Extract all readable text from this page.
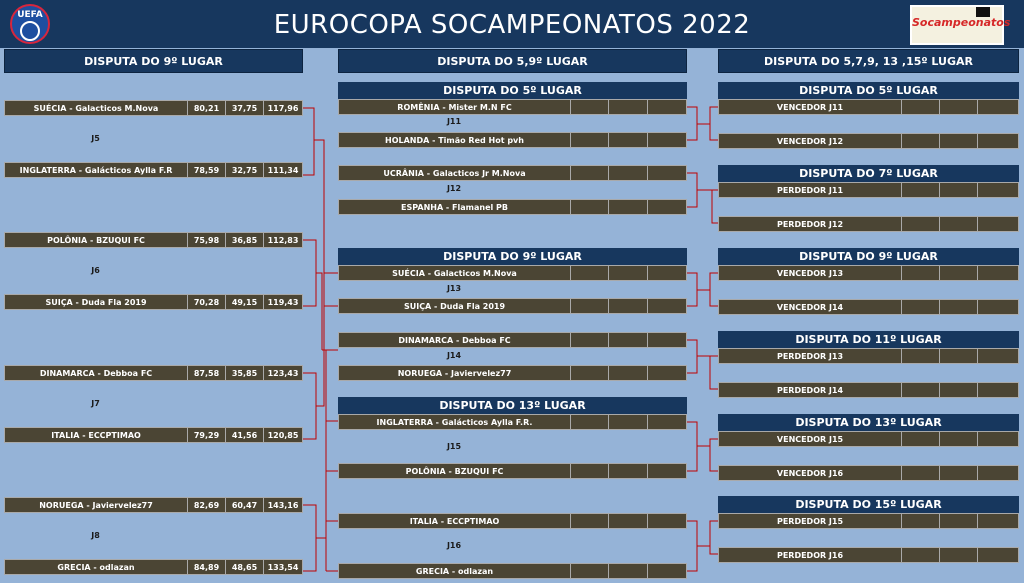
EUROCOPA SOCAMPEONATOS 2022
UEFA
Socampeonatos
DISPUTA DO 9º LUGAR	DISPUTA DO 5,9º LUGAR	DISPUTA DO 5,7,9, 13 ,15º LUGAR
SUÉCIA - Galacticos M.Nova	80,21	37,75	117,96
J5
INGLATERRA - Galácticos Aylla F.R	78,59	32,75	111,34
POLÔNIA - BZUQUI FC	75,98	36,85	112,83
J6
SUIÇA - Duda Fla 2019	70,28	49,15	119,43
DINAMARCA - Debboa FC	87,58	35,85	123,43
J7
ITALIA - ECCPTIMAO	79,29	41,56	120,85
NORUEGA - Javiervelez77	82,69	60,47	143,16
J8
GRECIA - odlazan	84,89	48,65	133,54
DISPUTA DO 5º LUGAR
ROMÊNIA - Mister M.N FC
J11
HOLANDA - Timão Red Hot pvh
UCRÂNIA - Galacticos Jr M.Nova
J12
ESPANHA - Flamanel PB
DISPUTA DO 9º LUGAR
SUÉCIA - Galacticos M.Nova
J13
SUIÇA - Duda Fla 2019
DINAMARCA - Debboa FC
J14
NORUEGA - Javiervelez77
DISPUTA DO 13º LUGAR
INGLATERRA - Galácticos Aylla F.R.
J15
POLÔNIA - BZUQUI FC
ITALIA - ECCPTIMAO
J16
GRECIA - odlazan
DISPUTA DO 5º LUGAR
VENCEDOR J11
VENCEDOR J12
DISPUTA DO 7º LUGAR
PERDEDOR J11
PERDEDOR J12
DISPUTA DO 9º LUGAR
VENCEDOR J13
VENCEDOR J14
DISPUTA DO 11º LUGAR
PERDEDOR J13
PERDEDOR J14
DISPUTA DO 13º LUGAR
VENCEDOR J15
VENCEDOR J16
DISPUTA DO 15º LUGAR
PERDEDOR J15
PERDEDOR J16
